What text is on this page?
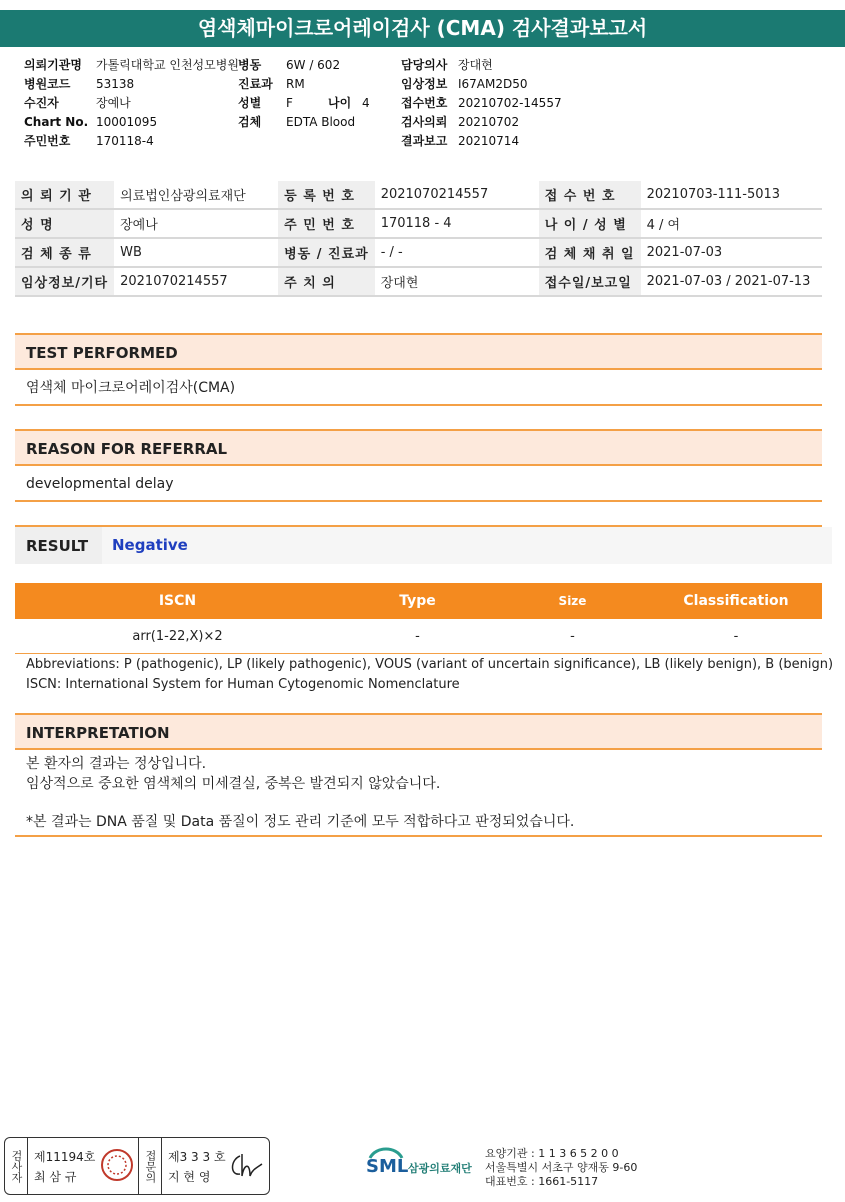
염색체마이크로어레이검사 (CMA) 검사결과보고서
의뢰기관명 가톨릭대학교 인천성모병원
병원코드 53138
수진자	장예나
Chart No. 10001095
주민번호 170118-4
병동 6W / 602
진료과 RM
성별 F	나이 4
검체 EDTA Blood
담당의사 장대현
임상정보 I67AM2D50
접수번호 20210702-14557
검사의뢰 20210702
결과보고 20210714
의 뢰 기 관	의료법인삼광의료재단	등 록 번 호	2021070214557	접 수 번 호	20210703-111-5013
성 명	장예나	주 민 번 호	170118 - 4	나 이 / 성 별	4 / 여
검 체 종 류	WB	병동 / 진료과	- / -	검 체 채 취 일	2021-07-03
임상정보/기타	2021070214557	주 치 의	장대현	접수일/보고일	2021-07-03 / 2021-07-13
TEST PERFORMED
염색체 마이크로어레이검사(CMA)
REASON FOR REFERRAL
developmental delay
RESULT	Negative
ISCN	Type	Size	Classification
arr(1-22,X)×2	-	-	-
Abbreviations: P (pathogenic), LP (likely pathogenic), VOUS (variant of uncertain significance), LB (likely benign), B (benign)
ISCN: International System for Human Cytogenomic Nomenclature
INTERPRETATION
본 환자의 결과는 정상입니다.
임상적으로 중요한 염색체의 미세결실, 중복은 발견되지 않았습니다.
*본 결과는 DNA 품질 및 Data 품질이 정도 관리 기준에 모두 적합하다고 판정되었습니다.
검사자 제11194호
최 삼 규	접문의 제3 3 3 호
지 현 영	SML 삼광의료재단
요양기관 : 1 1 3 6 5 2 0 0
서울특별시 서초구 양재동 9-60
대표번호 : 1661-5117
